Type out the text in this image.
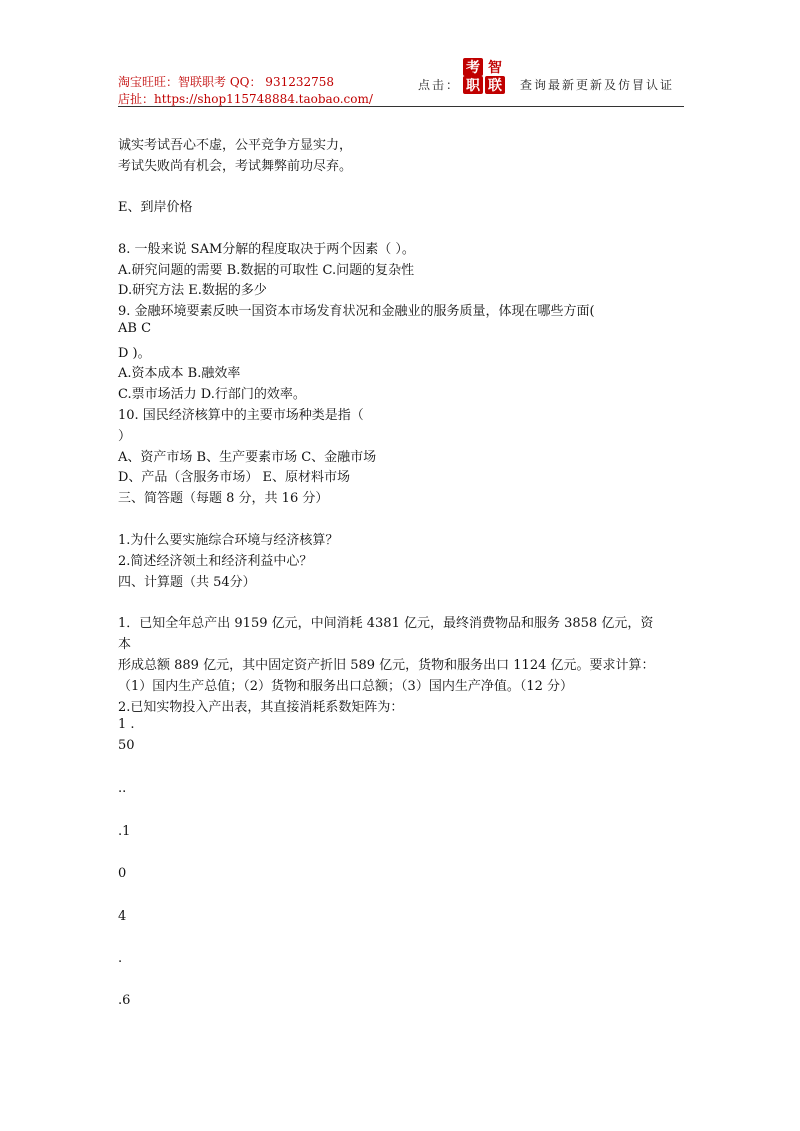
淘宝旺旺：智联职考 QQ： 931232758
店扯：https://shop115748884.taobao.com/
点击：
考 智
职 联 查询最新更新及仿冒认证
诚实考试吾心不虚，公平竞争方显实力，
考试失败尚有机会，考试舞弊前功尽弃。
E、到岸价格
8. 一般来说 SAM分解的程度取决于两个因素（ ）。
A.研究问题的需要 B.数据的可取性 C.问题的复杂性
D.研究方法 E.数据的多少
9. 金融环境要素反映一国资本市场发育状况和金融业的服务质量，体现在哪些方面(
AB C
D )。
A.资本成本 B.融效率
C.票市场活力 D.行部门的效率。
10. 国民经济核算中的主要市场种类是指（
）
A、资产市场 B、生产要素市场 C、金融市场
D、产品（含服务市场） E、原材料市场
三、简答题（每题 8 分，共 16 分）
1.为什么要实施综合环境与经济核算？
2.简述经济领土和经济利益中心？
四、计算题（共 54分）
1．已知全年总产出 9159 亿元，中间消耗 4381 亿元，最终消费物品和服务 3858 亿元，资
本
形成总额 889 亿元，其中固定资产折旧 589 亿元，货物和服务出口 1124 亿元。要求计算：
（1）国内生产总值；（2）货物和服务出口总额；（3）国内生产净值。（12 分）
2.已知实物投入产出表，其直接消耗系数矩阵为：
1 .
50
..
.1
0
4
.
.6
